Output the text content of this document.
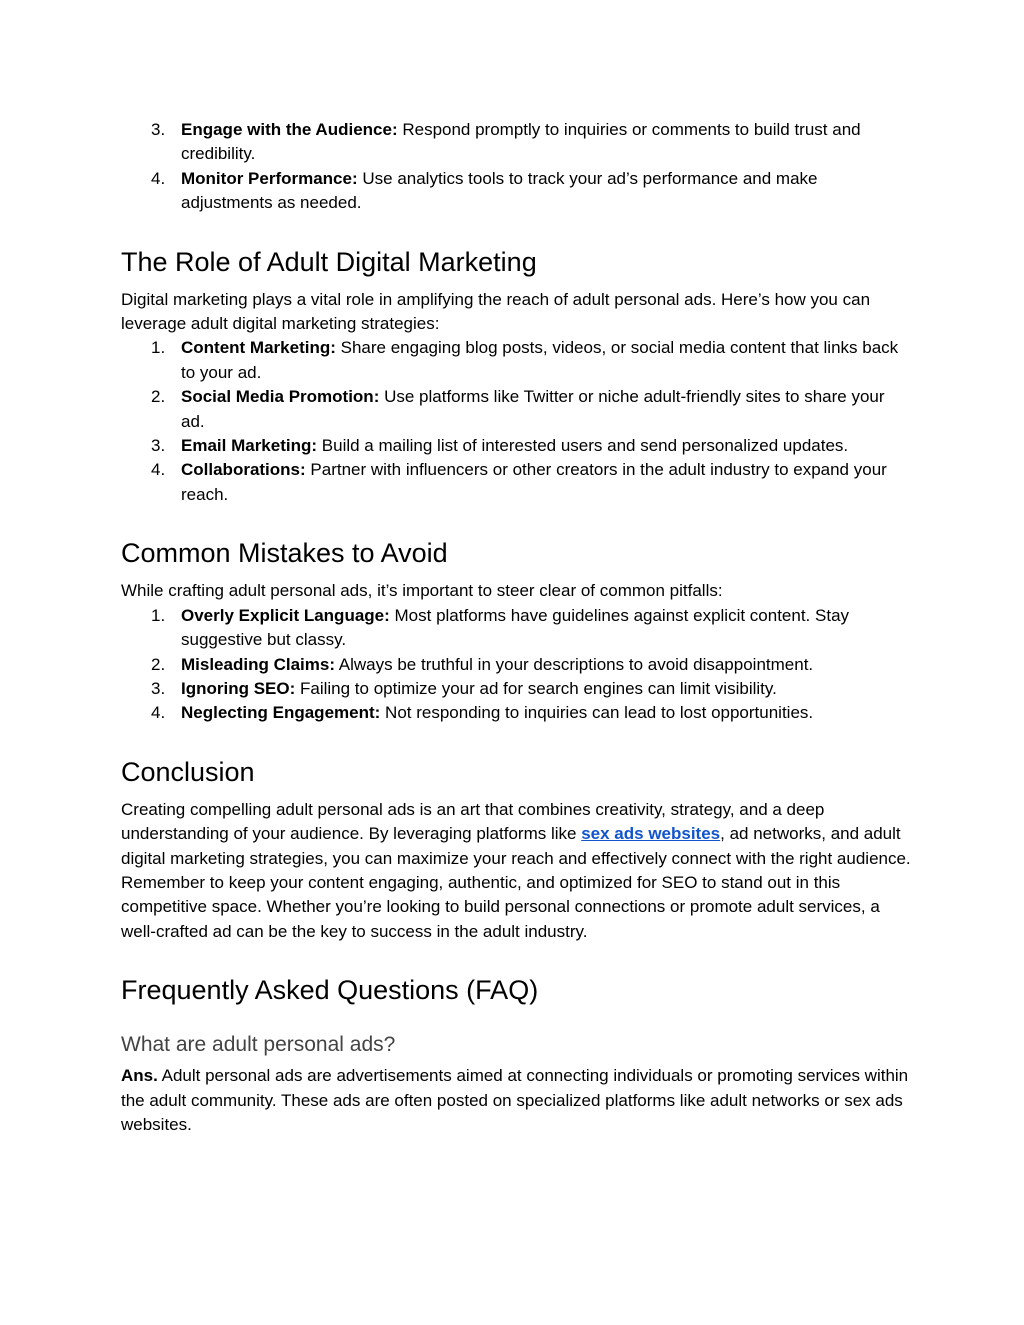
3. Engage with the Audience: Respond promptly to inquiries or comments to build trust and credibility.
4. Monitor Performance: Use analytics tools to track your ad’s performance and make adjustments as needed.
The Role of Adult Digital Marketing

Digital marketing plays a vital role in amplifying the reach of adult personal ads. Here’s how you can leverage adult digital marketing strategies:

1. Content Marketing: Share engaging blog posts, videos, or social media content that links back to your ad.
2. Social Media Promotion: Use platforms like Twitter or niche adult-friendly sites to share your ad.
3. Email Marketing: Build a mailing list of interested users and send personalized updates.
4. Collaborations: Partner with influencers or other creators in the adult industry to expand your reach.
Common Mistakes to Avoid

While crafting adult personal ads, it’s important to steer clear of common pitfalls:

1. Overly Explicit Language: Most platforms have guidelines against explicit content. Stay suggestive but classy.
2. Misleading Claims: Always be truthful in your descriptions to avoid disappointment.
3. Ignoring SEO: Failing to optimize your ad for search engines can limit visibility.
4. Neglecting Engagement: Not responding to inquiries can lead to lost opportunities.
Conclusion

Creating compelling adult personal ads is an art that combines creativity, strategy, and a deep understanding of your audience. By leveraging platforms like sex ads websites, ad networks, and adult digital marketing strategies, you can maximize your reach and effectively connect with the right audience. Remember to keep your content engaging, authentic, and optimized for SEO to stand out in this competitive space. Whether you’re looking to build personal connections or promote adult services, a well-crafted ad can be the key to success in the adult industry.

Frequently Asked Questions (FAQ)
What are adult personal ads?

Ans. Adult personal ads are advertisements aimed at connecting individuals or promoting services within the adult community. These ads are often posted on specialized platforms like adult networks or sex ads websites.
